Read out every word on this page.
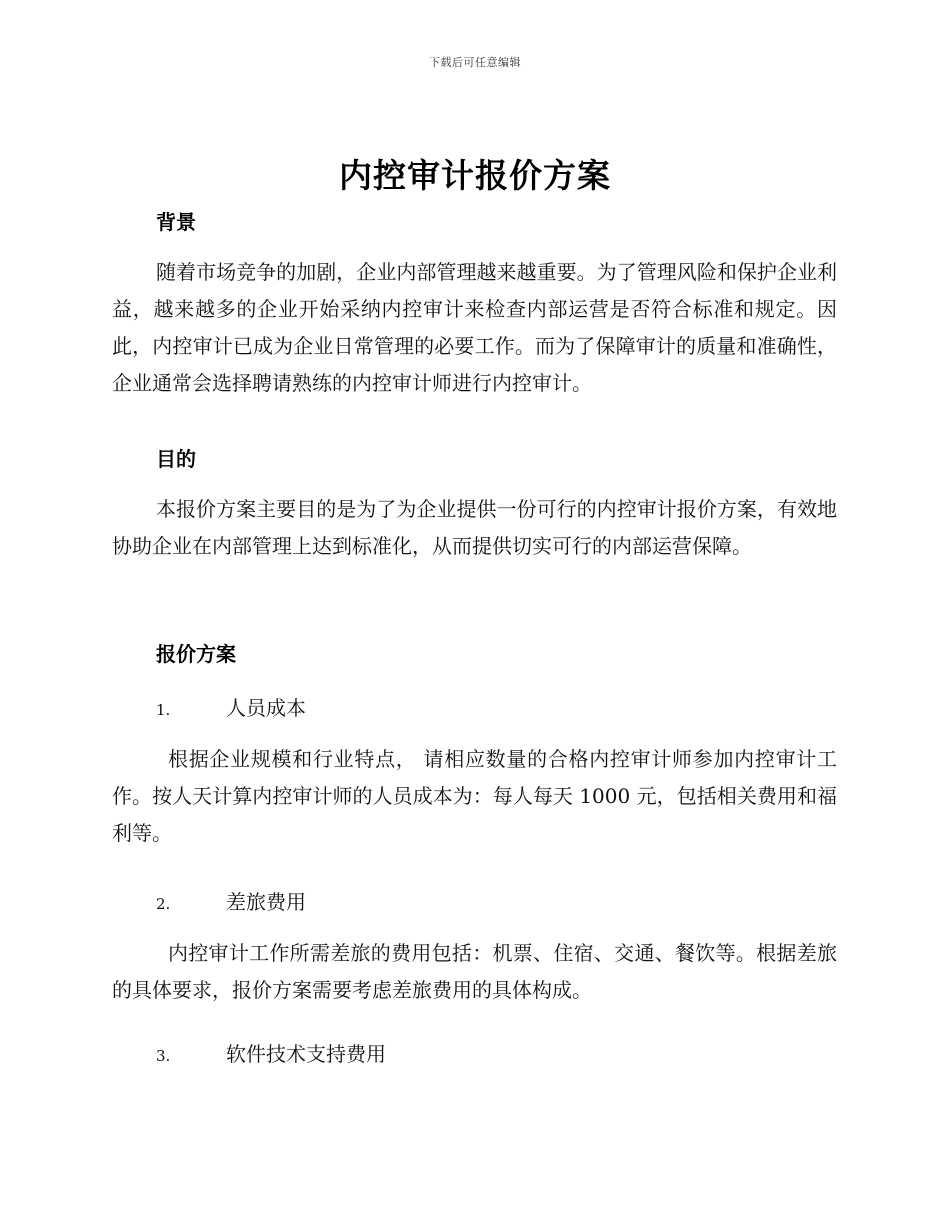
下载后可任意编辑
内控审计报价方案
背景
随着市场竞争的加剧，企业内部管理越来越重要。为了管理风险和保护企业利益，越来越多的企业开始采纳内控审计来检查内部运营是否符合标准和规定。因此，内控审计已成为企业日常管理的必要工作。而为了保障审计的质量和准确性，企业通常会选择聘请熟练的内控审计师进行内控审计。
目的
本报价方案主要目的是为了为企业提供一份可行的内控审计报价方案，有效地协助企业在内部管理上达到标准化，从而提供切实可行的内部运营保障。
报价方案
1.	人员成本
根据企业规模和行业特点， 请相应数量的合格内控审计师参加内控审计工作。按人天计算内控审计师的人员成本为：每人每天 1000 元，包括相关费用和福利等。
2.	差旅费用
内控审计工作所需差旅的费用包括：机票、住宿、交通、餐饮等。根据差旅的具体要求，报价方案需要考虑差旅费用的具体构成。
3.	软件技术支持费用
